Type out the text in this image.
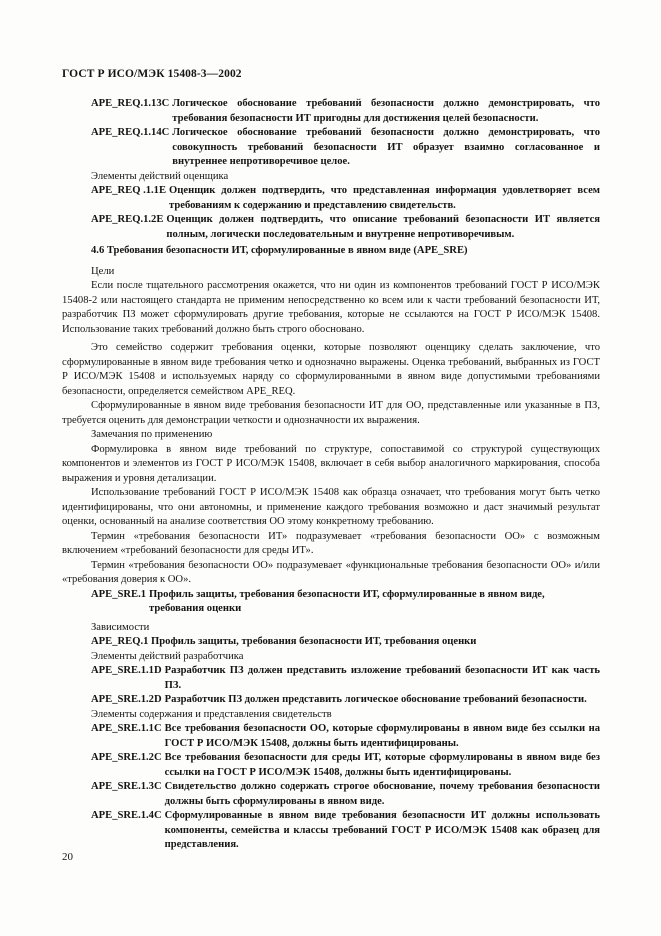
ГОСТ Р ИСО/МЭК 15408-3—2002
APE_REQ.1.13C Логическое обоснование требований безопасности должно демонстрировать, что требования безопасности ИТ пригодны для достижения целей безопасности.
APE_REQ.1.14C Логическое обоснование требований безопасности должно демонстрировать, что совокупность требований безопасности ИТ образует взаимно согласованное и внутреннее непротиворечивое целое.
Элементы действий оценщика
APE_REQ .1.1E Оценщик должен подтвердить, что представленная информация удовлетворяет всем требованиям к содержанию и представлению свидетельств.
APE_REQ.1.2E Оценщик должен подтвердить, что описание требований безопасности ИТ является полным, логически последовательным и внутренне непротиворечивым.
4.6 Требования безопасности ИТ, сформулированные в явном виде (APE_SRE)
Цели

Если после тщательного рассмотрения окажется, что ни один из компонентов требований ГОСТ Р ИСО/МЭК 15408-2 или настоящего стандарта не применим непосредственно ко всем или к части требований безопасности ИТ, разработчик ПЗ может сформулировать другие требования, которые не ссылаются на ГОСТ Р ИСО/МЭК 15408. Использование таких требований должно быть строго обосновано.

Это семейство содержит требования оценки, которые позволяют оценщику сделать заключение, что сформулированные в явном виде требования четко и однозначно выражены. Оценка требований, выбранных из ГОСТ Р ИСО/МЭК 15408 и используемых наряду со сформулированными в явном виде допустимыми требованиями безопасности, определяется семейством APE_REQ.

Сформулированные в явном виде требования безопасности ИТ для ОО, представленные или указанные в ПЗ, требуется оценить для демонстрации четкости и однозначности их выражения.

Замечания по применению

Формулировка в явном виде требований по структуре, сопоставимой со структурой существующих компонентов и элементов из ГОСТ Р ИСО/МЭК 15408, включает в себя выбор аналогичного маркирования, способа выражения и уровня детализации.

Использование требований ГОСТ Р ИСО/МЭК 15408 как образца означает, что требования могут быть четко идентифицированы, что они автономны, и применение каждого требования возможно и даст значимый результат оценки, основанный на анализе соответствия ОО этому конкретному требованию.

Термин «требования безопасности ИТ» подразумевает «требования безопасности ОО» с возможным включением «требований безопасности для среды ИТ».

Термин «требования безопасности ОО» подразумевает «функциональные требования безопасности ОО» и/или «требования доверия к ОО».

APE_SRE.1 Профиль защиты, требования безопасности ИТ, сформулированные в явном виде, требования оценки
Зависимости
APE_REQ.1 Профиль защиты, требования безопасности ИТ, требования оценки
Элементы действий разработчика
APE_SRE.1.1D Разработчик ПЗ должен представить изложение требований безопасности ИТ как часть ПЗ.
APE_SRE.1.2D Разработчик ПЗ должен представить логическое обоснование требований безопасности.
Элементы содержания и представления свидетельств
APE_SRE.1.1C Все требования безопасности ОО, которые сформулированы в явном виде без ссылки на ГОСТ Р ИСО/МЭК 15408, должны быть идентифицированы.
APE_SRE.1.2C Все требования безопасности для среды ИТ, которые сформулированы в явном виде без ссылки на ГОСТ Р ИСО/МЭК 15408, должны быть идентифицированы.
APE_SRE.1.3C Свидетельство должно содержать строгое обоснование, почему требования безопасности должны быть сформулированы в явном виде.
APE_SRE.1.4C Сформулированные в явном виде требования безопасности ИТ должны использовать компоненты, семейства и классы требований ГОСТ Р ИСО/МЭК 15408 как образец для представления.
20
